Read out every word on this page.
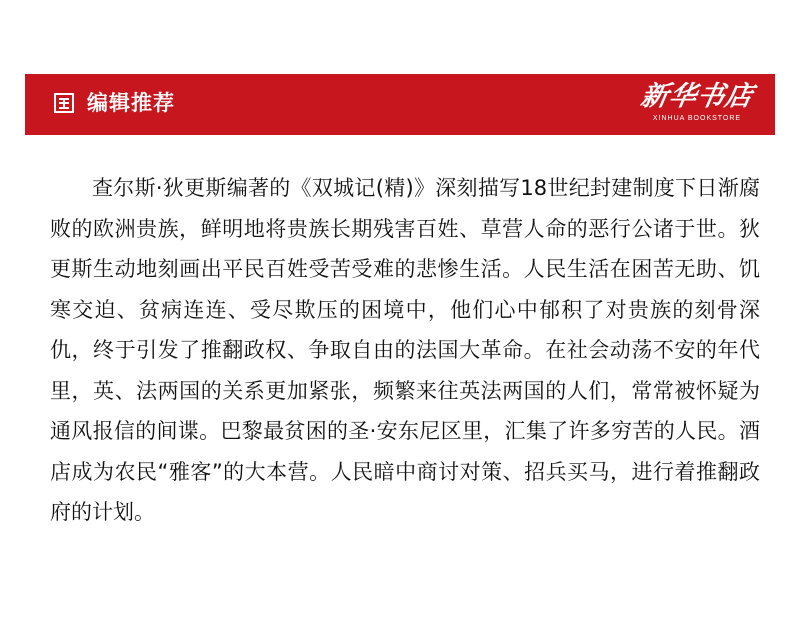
编辑推荐	新华书店
XINHUA BOOKSTORE

查尔斯·狄更斯编著的《双城记(精)》深刻描写18世纪封建制度下日渐腐败的欧洲贵族，鲜明地将贵族长期残害百姓、草营人命的恶行公诸于世。狄更斯生动地刻画出平民百姓受苦受难的悲惨生活。人民生活在困苦无助、饥寒交迫、贫病连连、受尽欺压的困境中，他们心中郁积了对贵族的刻骨深仇，终于引发了推翻政权、争取自由的法国大革命。在社会动荡不安的年代里，英、法两国的关系更加紧张，频繁来往英法两国的人们，常常被怀疑为通风报信的间谍。巴黎最贫困的圣·安东尼区里，汇集了许多穷苦的人民。酒店成为农民“雅客”的大本营。人民暗中商讨对策、招兵买马，进行着推翻政府的计划。
